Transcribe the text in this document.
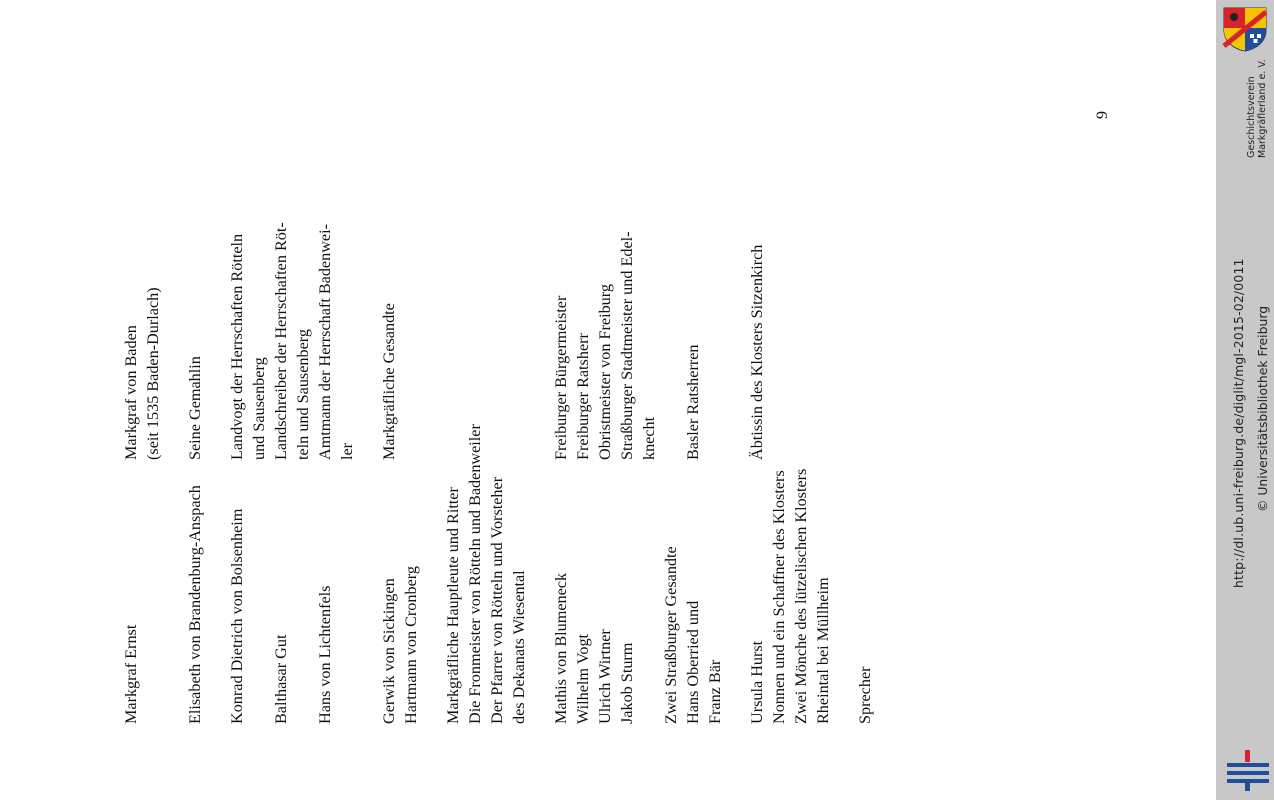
Markgraf Ernst
Markgraf von Baden (seit 1535 Baden-Durlach)
Elisabeth von Brandenburg-Anspach
Seine Gemahlin
Konrad Dietrich von Bolsenheim
Landvogt der Herrschaften Rötteln und Sausenberg
Balthasar Gut
Landschreiber der Herrschaften Röt- teln und Sausenberg
Hans von Lichtenfels
Amtmann der Herrschaft Badenwei- ler
Gerwik von Sickingen Hartmann von Cronberg
Markgräfliche Gesandte
Markgräfliche Hauptleute und Ritter Die Fronmeister von Rötteln und Badenweiler Der Pfarrer von Rötteln und Vorsteher des Dekanats Wiesental Mathis von Blumeneck Wilhelm Vogt Ulrich Wirtner
Freiburger Bürgermeister Freiburger Ratsherr Obristmeister von Freiburg
Jakob Sturm
Straßburger Stadtmeister und Edel- knecht
Zwei Straßburger Gesandte Hans Oberried und Franz Bär
Basler Ratsherren
Ursula Hurst
Äbtissin des Klosters Sitzenkirch
Nonnen und ein Schaffner des Klosters Zwei Mönche des lützelischen Klosters Rheintal bei Müllheim Sprecher
9	Geschichtsverein Markgräflerland e. V.
http://dl.ub.uni-freiburg.de/diglit/mgl-2015-02/0011 © Universitätsbibliothek Freiburg
